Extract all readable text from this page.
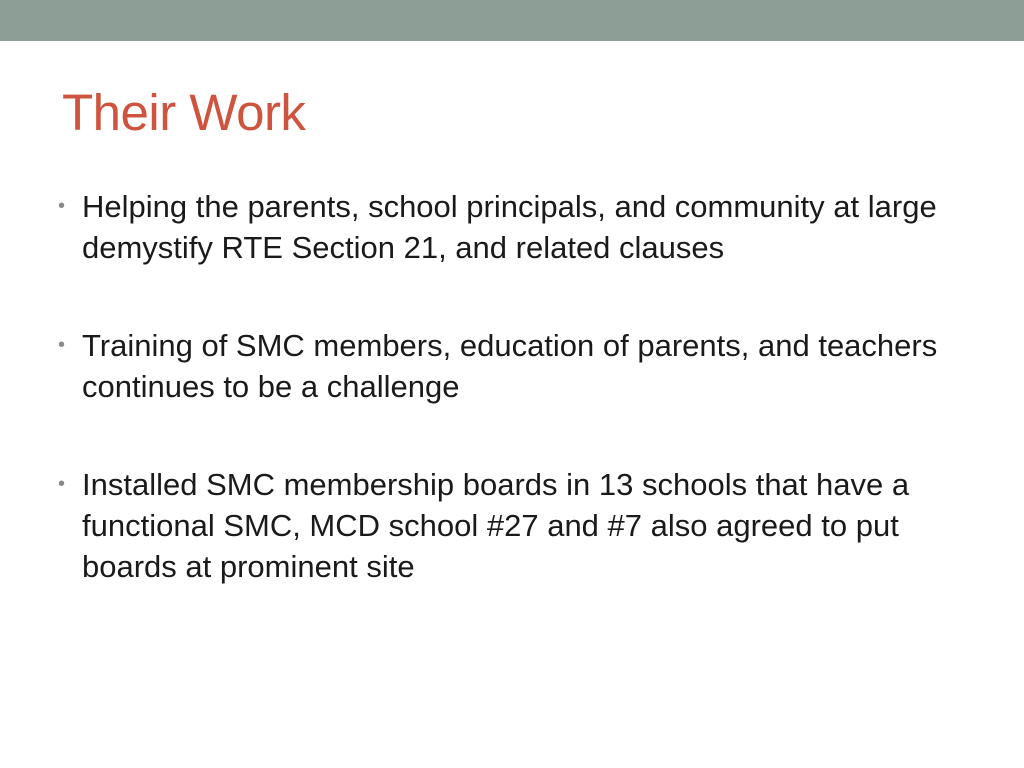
Their Work
• Helping the parents, school principals, and community at large demystify RTE Section 21, and related clauses
• Training of SMC members, education of parents, and teachers continues to be a challenge
• Installed SMC membership boards in 13 schools that have a functional SMC, MCD school #27 and #7 also agreed to put boards at prominent site
